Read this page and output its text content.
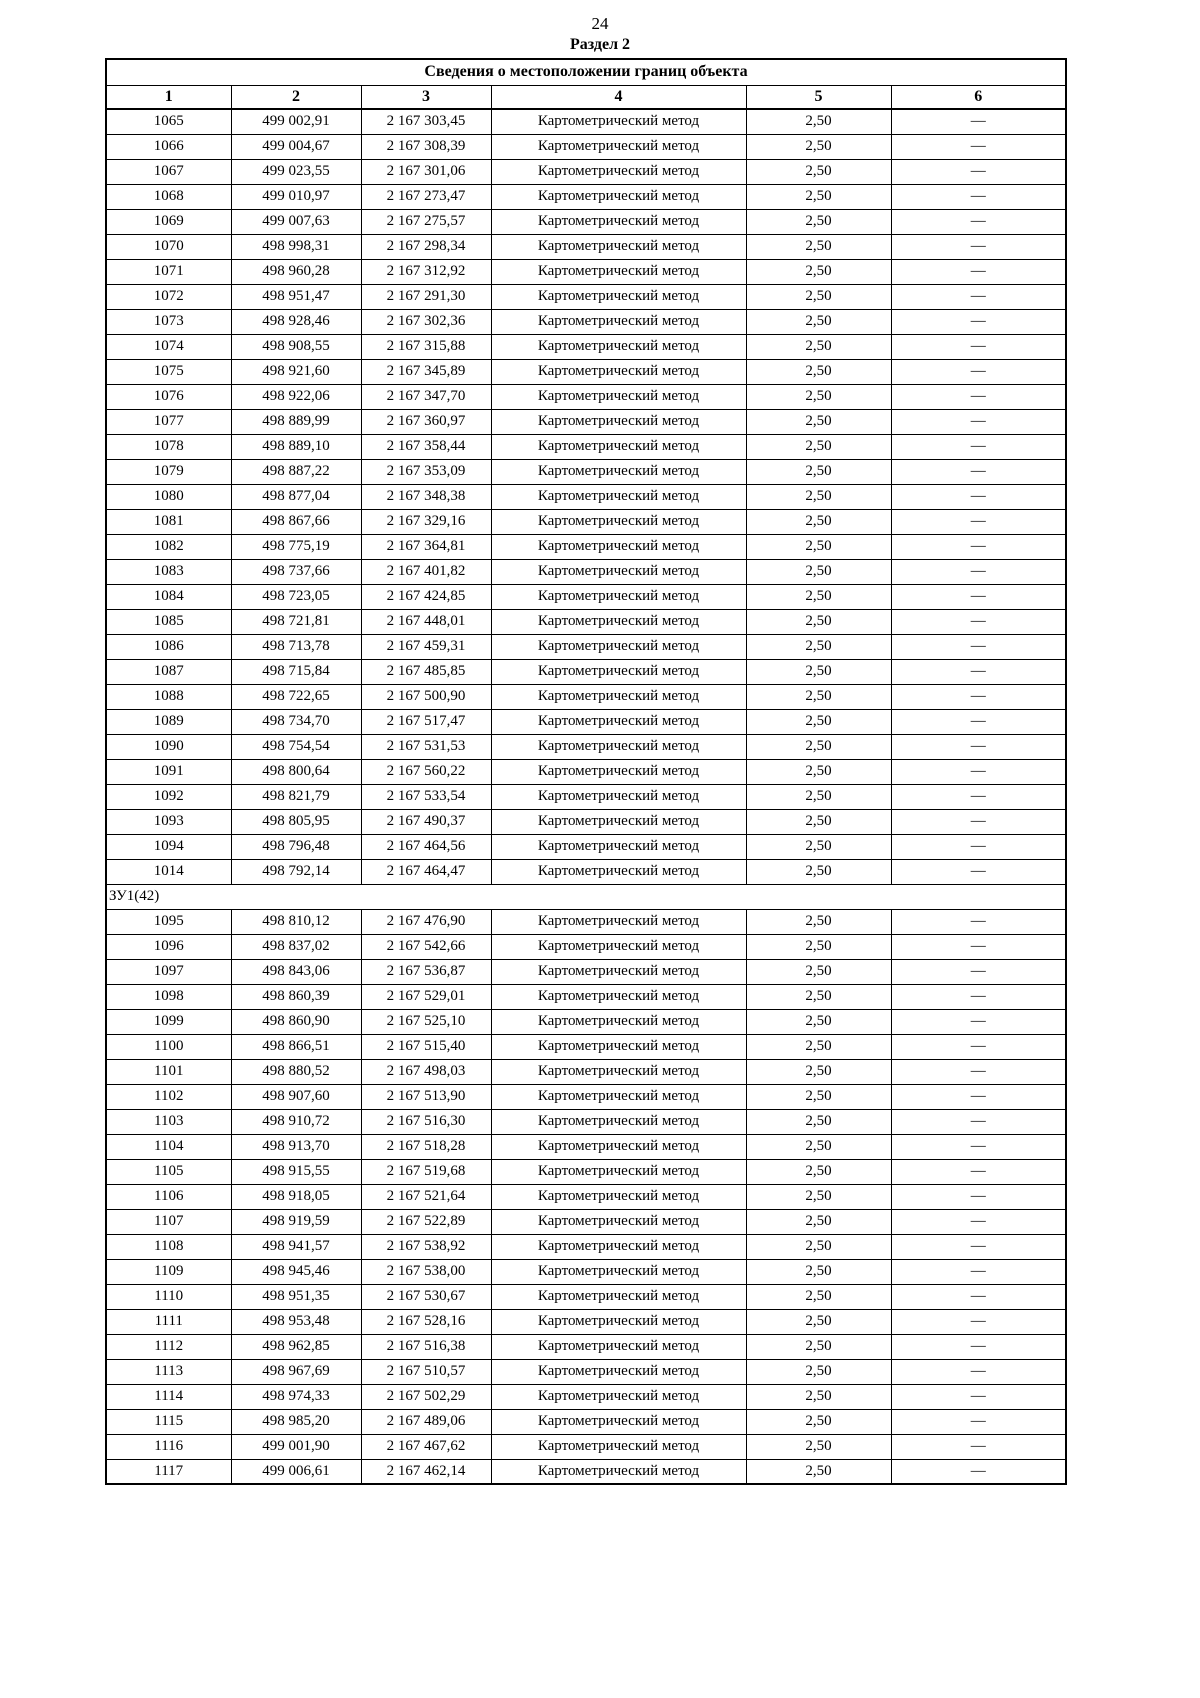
24
Раздел 2
Сведения о местоположении границ объекта					
1	2	3	4	5	6
1065	499 002,91	2 167 303,45	Картометрический метод	2,50	—
1066	499 004,67	2 167 308,39	Картометрический метод	2,50	—
1067	499 023,55	2 167 301,06	Картометрический метод	2,50	—
1068	499 010,97	2 167 273,47	Картометрический метод	2,50	—
1069	499 007,63	2 167 275,57	Картометрический метод	2,50	—
1070	498 998,31	2 167 298,34	Картометрический метод	2,50	—
1071	498 960,28	2 167 312,92	Картометрический метод	2,50	—
1072	498 951,47	2 167 291,30	Картометрический метод	2,50	—
1073	498 928,46	2 167 302,36	Картометрический метод	2,50	—
1074	498 908,55	2 167 315,88	Картометрический метод	2,50	—
1075	498 921,60	2 167 345,89	Картометрический метод	2,50	—
1076	498 922,06	2 167 347,70	Картометрический метод	2,50	—
1077	498 889,99	2 167 360,97	Картометрический метод	2,50	—
1078	498 889,10	2 167 358,44	Картометрический метод	2,50	—
1079	498 887,22	2 167 353,09	Картометрический метод	2,50	—
1080	498 877,04	2 167 348,38	Картометрический метод	2,50	—
1081	498 867,66	2 167 329,16	Картометрический метод	2,50	—
1082	498 775,19	2 167 364,81	Картометрический метод	2,50	—
1083	498 737,66	2 167 401,82	Картометрический метод	2,50	—
1084	498 723,05	2 167 424,85	Картометрический метод	2,50	—
1085	498 721,81	2 167 448,01	Картометрический метод	2,50	—
1086	498 713,78	2 167 459,31	Картометрический метод	2,50	—
1087	498 715,84	2 167 485,85	Картометрический метод	2,50	—
1088	498 722,65	2 167 500,90	Картометрический метод	2,50	—
1089	498 734,70	2 167 517,47	Картометрический метод	2,50	—
1090	498 754,54	2 167 531,53	Картометрический метод	2,50	—
1091	498 800,64	2 167 560,22	Картометрический метод	2,50	—
1092	498 821,79	2 167 533,54	Картометрический метод	2,50	—
1093	498 805,95	2 167 490,37	Картометрический метод	2,50	—
1094	498 796,48	2 167 464,56	Картометрический метод	2,50	—
1014	498 792,14	2 167 464,47	Картометрический метод	2,50	—
ЗУ1(42)					
1095	498 810,12	2 167 476,90	Картометрический метод	2,50	—
1096	498 837,02	2 167 542,66	Картометрический метод	2,50	—
1097	498 843,06	2 167 536,87	Картометрический метод	2,50	—
1098	498 860,39	2 167 529,01	Картометрический метод	2,50	—
1099	498 860,90	2 167 525,10	Картометрический метод	2,50	—
1100	498 866,51	2 167 515,40	Картометрический метод	2,50	—
1101	498 880,52	2 167 498,03	Картометрический метод	2,50	—
1102	498 907,60	2 167 513,90	Картометрический метод	2,50	—
1103	498 910,72	2 167 516,30	Картометрический метод	2,50	—
1104	498 913,70	2 167 518,28	Картометрический метод	2,50	—
1105	498 915,55	2 167 519,68	Картометрический метод	2,50	—
1106	498 918,05	2 167 521,64	Картометрический метод	2,50	—
1107	498 919,59	2 167 522,89	Картометрический метод	2,50	—
1108	498 941,57	2 167 538,92	Картометрический метод	2,50	—
1109	498 945,46	2 167 538,00	Картометрический метод	2,50	—
1110	498 951,35	2 167 530,67	Картометрический метод	2,50	—
1111	498 953,48	2 167 528,16	Картометрический метод	2,50	—
1112	498 962,85	2 167 516,38	Картометрический метод	2,50	—
1113	498 967,69	2 167 510,57	Картометрический метод	2,50	—
1114	498 974,33	2 167 502,29	Картометрический метод	2,50	—
1115	498 985,20	2 167 489,06	Картометрический метод	2,50	—
1116	499 001,90	2 167 467,62	Картометрический метод	2,50	—
1117	499 006,61	2 167 462,14	Картометрический метод	2,50	—
